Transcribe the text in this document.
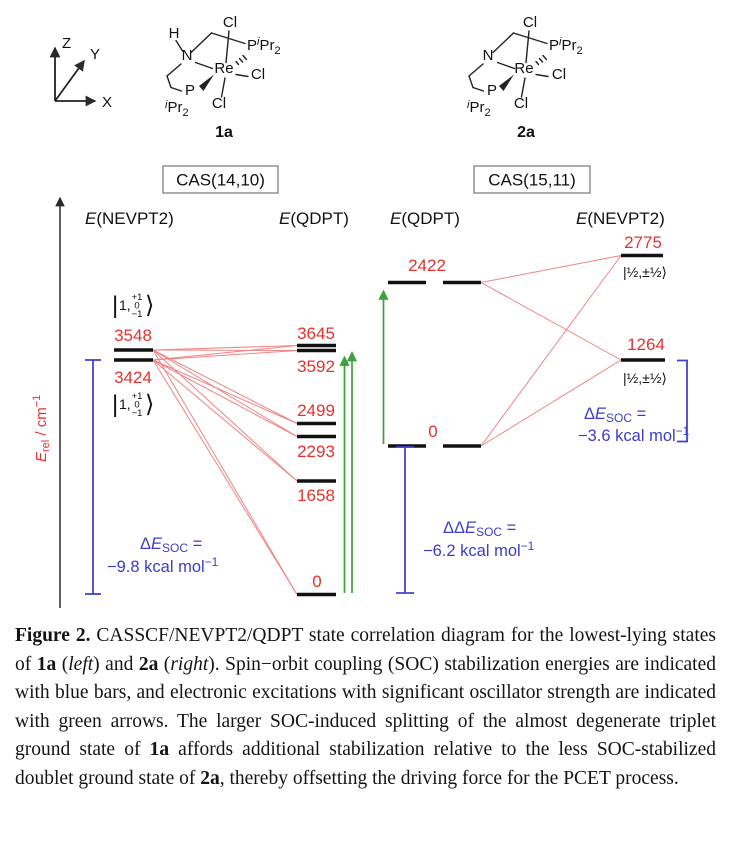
Z
Y
X
Cl
H
N
$P^iPr_2$
Re Cl
P
Cl
$^iPr_2$
1a
Cl
N
$P^iPr_2$
Re Cl
P
Cl
$^iPr_2$
2a
CAS(14,10)	CAS(15,11)
E(NEVPT2)	E(QDPT) E(QDPT)	E(NEVPT2)
$E_{rel} / cm^{-1}$
| 1, +1
0
−1 ⟩
3548
3424
| 1, +1
0
−1 ⟩
3645
3592
2499
2293
1658
0
ΔESOC =
−9.8 kcal mol$^{-1}$
2422
0
2775
|½,±½⟩
1264
|½,±½⟩
ΔESOC =
−3.6 kcal mol$^{-1}$
ΔΔESOC =
−6.2 kcal mol$^{-1}$

Figure 2. CASSCF/NEVPT2/QDPT state correlation diagram for the lowest-lying states of 1a (left) and 2a (right). Spin−orbit coupling (SOC) stabilization energies are indicated with blue bars, and electronic excitations with significant oscillator strength are indicated with green arrows. The larger SOC-induced splitting of the almost degenerate triplet ground state of 1a affords additional stabilization relative to the less SOC-stabilized doublet ground state of 2a, thereby offsetting the driving force for the PCET process.
